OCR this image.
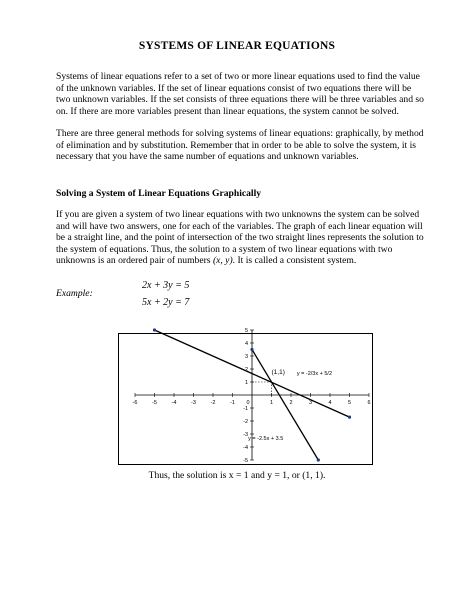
SYSTEMS OF LINEAR EQUATIONS

Systems of linear equations refer to a set of two or more linear equations used to find the value of the unknown variables. If the set of linear equations consist of two equations there will be two unknown variables. If the set consists of three equations there will be three variables and so on. If there are more variables present than linear equations, the system cannot be solved.

There are three general methods for solving systems of linear equations: graphically, by method of elimination and by substitution. Remember that in order to be able to solve the system, it is necessary that you have the same number of equations and unknown variables.

Solving a System of Linear Equations Graphically

If you are given a system of two linear equations with two unknowns the system can be solved and will have two answers, one for each of the variables. The graph of each linear equation will be a straight line, and the point of intersection of the two straight lines represents the solution to the system of equations. Thus, the solution to a system of two linear equations with two unknowns is an ordered pair of numbers (x, y). It is called a consistent system.

Example:
2x + 3y = 5
5x + 2y = 7
-6	-5	-4	-3	-2	-1 0	1	2	3	4	5	6
5
4
3
2
1
-1
-2
-3
-4
-5
(1,1) y = -2/3x + 5/2
y = -2.5x + 3.5
Thus, the solution is x = 1 and y = 1, or (1, 1).
